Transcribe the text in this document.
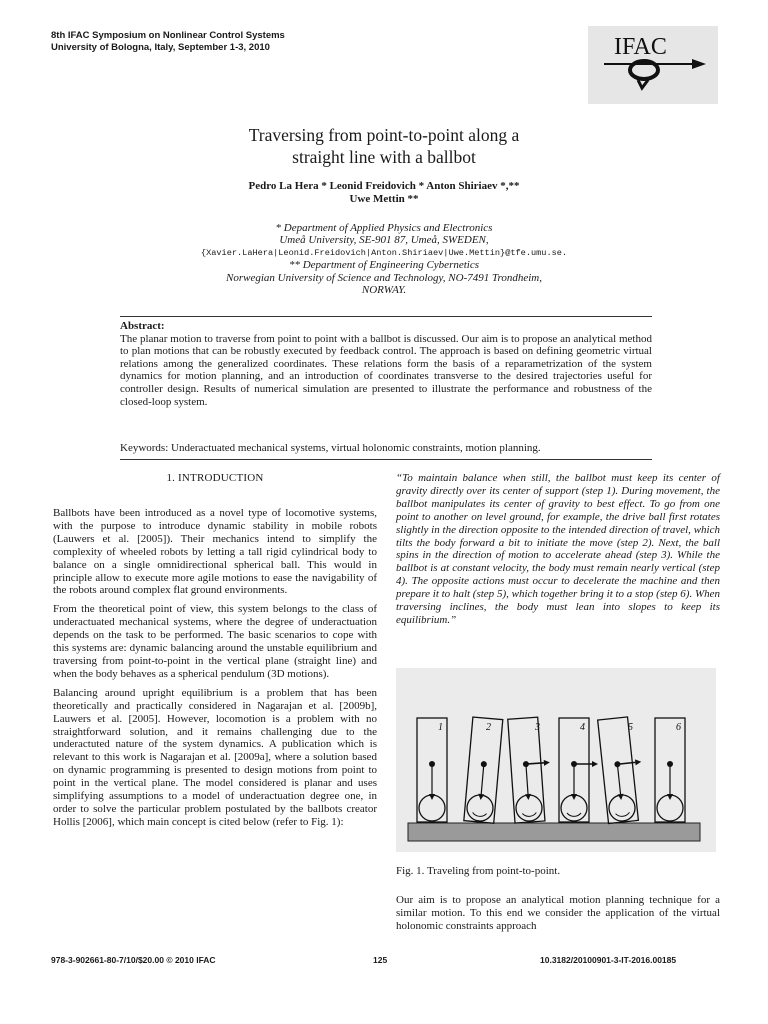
8th IFAC Symposium on Nonlinear Control Systems
University of Bologna, Italy, September 1-3, 2010	IFAC
Traversing from point-to-point along a
straight line with a ballbot
Pedro La Hera * Leonid Freidovich * Anton Shiriaev *,**
Uwe Mettin **
* Department of Applied Physics and Electronics
Umeå University, SE-901 87, Umeå, SWEDEN,
{Xavier.LaHera|Leonid.Freidovich|Anton.Shiriaev|Uwe.Mettin}@tfe.umu.se.
** Department of Engineering Cybernetics
Norwegian University of Science and Technology, NO-7491 Trondheim,
NORWAY.
Abstract:
The planar motion to traverse from point to point with a ballbot is discussed. Our aim is to propose an analytical method to plan motions that can be robustly executed by feedback control. The approach is based on defining geometric virtual relations among the generalized coordinates. These relations form the basis of a reparametrization of the system dynamics for motion planning, and an introduction of coordinates transverse to the desired trajectories useful for controller design. Results of numerical simulation are presented to illustrate the performance and robustness of the closed-loop system.
Keywords: Underactuated mechanical systems, virtual holonomic constraints, motion planning.
1. INTRODUCTION

Ballbots have been introduced as a novel type of locomotive systems, with the purpose to introduce dynamic stability in mobile robots (Lauwers et al. [2005]). Their mechanics intend to simplify the complexity of wheeled robots by letting a tall rigid cylindrical body to balance on a single omnidirectional spherical ball. This would in principle allow to execute more agile motions to ease the navigability of the robots around complex flat ground environments.

From the theoretical point of view, this system belongs to the class of underactuated mechanical systems, where the degree of underactuation depends on the task to be performed. The basic scenarios to cope with this systems are: dynamic balancing around the unstable equilibrium and traversing from point-to-point in the vertical plane (straight line) and when the body behaves as a spherical pendulum (3D motions).

Balancing around upright equilibrium is a problem that has been theoretically and practically considered in Nagarajan et al. [2009b], Lauwers et al. [2005]. However, locomotion is a problem with no straightforward solution, and it remains challenging due to the underactuted nature of the system dynamics. A publication which is relevant to this work is Nagarajan et al. [2009a], where a solution based on dynamic programming is presented to design motions from point to point in the vertical plane. The model considered is planar and uses simplifying assumptions to a model of underactuation degree one, in order to solve the particular problem postulated by the ballbots creator Hollis [2006], which main concept is cited below (refer to Fig. 1):

“To maintain balance when still, the ballbot must keep its center of gravity directly over its center of support (step 1). During movement, the ballbot manipulates its center of gravity to best effect. To go from one point to another on level ground, for example, the drive ball first rotates slightly in the direction opposite to the intended direction of travel, which tilts the body forward a bit to initiate the move (step 2). Next, the ball spins in the direction of motion to accelerate ahead (step 3). While the ballbot is at constant velocity, the body must remain nearly vertical (step 4). The opposite actions must occur to decelerate the machine and then prepare it to halt (step 5), which together bring it to a stop (step 6). When traversing inclines, the body must lean into slopes to keep its equilibrium.”
1	2	3	4	5	6
Fig. 1. Traveling from point-to-point.
Our aim is to propose an analytical motion planning technique for a similar motion. To this end we consider the application of the virtual holonomic constraints approach
978-3-902661-80-7/10/$20.00 © 2010 IFAC	125	10.3182/20100901-3-IT-2016.00185
